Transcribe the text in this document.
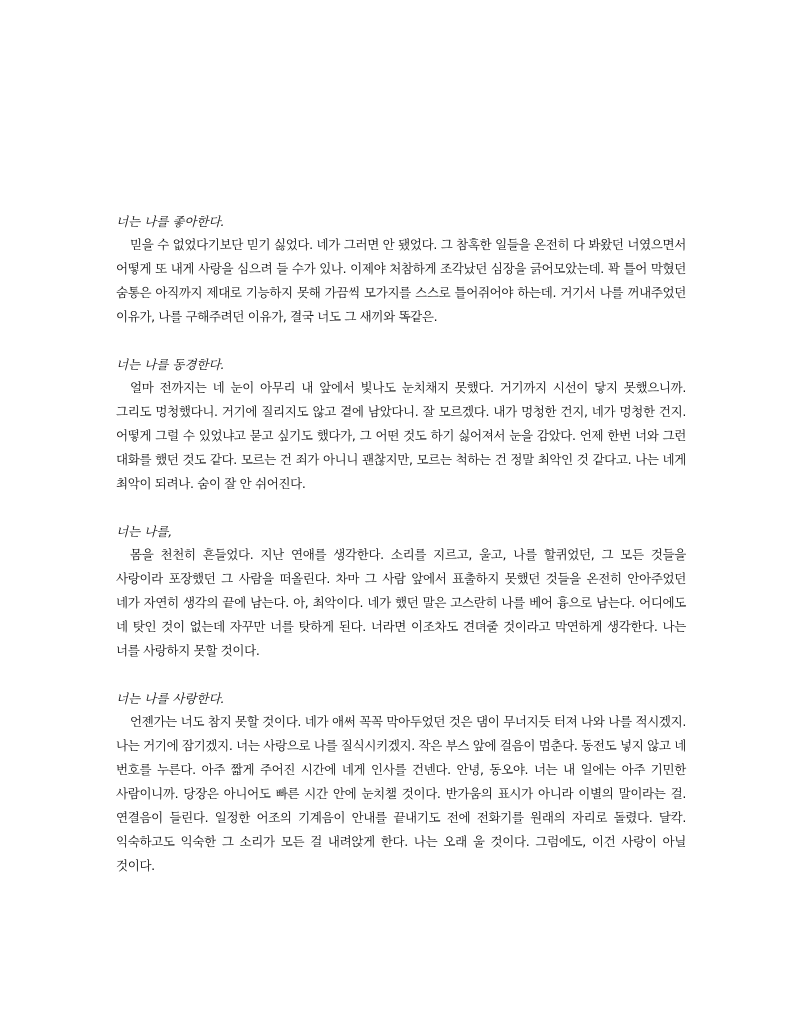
너는 나를 좋아한다.

믿을 수 없었다기보단 믿기 싫었다. 네가 그러면 안 됐었다. 그 참혹한 일들을 온전히 다 봐왔던 너였으면서 어떻게 또 내게 사랑을 심으려 들 수가 있나. 이제야 처참하게 조각났던 심장을 긁어모았는데. 꽉 틀어 막혔던 숨통은 아직까지 제대로 기능하지 못해 가끔씩 모가지를 스스로 틀어쥐어야 하는데. 거기서 나를 꺼내주었던 이유가, 나를 구해주려던 이유가, 결국 너도 그 새끼와 똑같은.

너는 나를 동경한다.

얼마 전까지는 네 눈이 아무리 내 앞에서 빛나도 눈치채지 못했다. 거기까지 시선이 닿지 못했으니까. 그리도 멍청했다니. 거기에 질리지도 않고 곁에 남았다니. 잘 모르겠다. 내가 멍청한 건지, 네가 멍청한 건지. 어떻게 그럴 수 있었냐고 묻고 싶기도 했다가, 그 어떤 것도 하기 싫어져서 눈을 감았다. 언제 한번 너와 그런 대화를 했던 것도 같다. 모르는 건 죄가 아니니 괜찮지만, 모르는 척하는 건 정말 최악인 것 같다고. 나는 네게 최악이 되려나. 숨이 잘 안 쉬어진다.

너는 나를,

몸을 천천히 흔들었다. 지난 연애를 생각한다. 소리를 지르고, 울고, 나를 할퀴었던, 그 모든 것들을 사랑이라 포장했던 그 사람을 떠올린다. 차마 그 사람 앞에서 표출하지 못했던 것들을 온전히 안아주었던 네가 자연히 생각의 끝에 남는다. 아, 최악이다. 네가 했던 말은 고스란히 나를 베어 흉으로 남는다. 어디에도 네 탓인 것이 없는데 자꾸만 너를 탓하게 된다. 너라면 이조차도 견뎌줄 것이라고 막연하게 생각한다. 나는 너를 사랑하지 못할 것이다.

너는 나를 사랑한다.

언젠가는 너도 참지 못할 것이다. 네가 애써 꼭꼭 막아두었던 것은 댐이 무너지듯 터져 나와 나를 적시겠지. 나는 거기에 잠기겠지. 너는 사랑으로 나를 질식시키겠지. 작은 부스 앞에 걸음이 멈춘다. 동전도 넣지 않고 네 번호를 누른다. 아주 짧게 주어진 시간에 네게 인사를 건넨다. 안녕, 동오야. 너는 내 일에는 아주 기민한 사람이니까. 당장은 아니어도 빠른 시간 안에 눈치챌 것이다. 반가움의 표시가 아니라 이별의 말이라는 걸. 연결음이 들린다. 일정한 어조의 기계음이 안내를 끝내기도 전에 전화기를 원래의 자리로 돌렸다. 달칵. 익숙하고도 익숙한 그 소리가 모든 걸 내려앉게 한다. 나는 오래 울 것이다. 그럼에도, 이건 사랑이 아닐 것이다.
